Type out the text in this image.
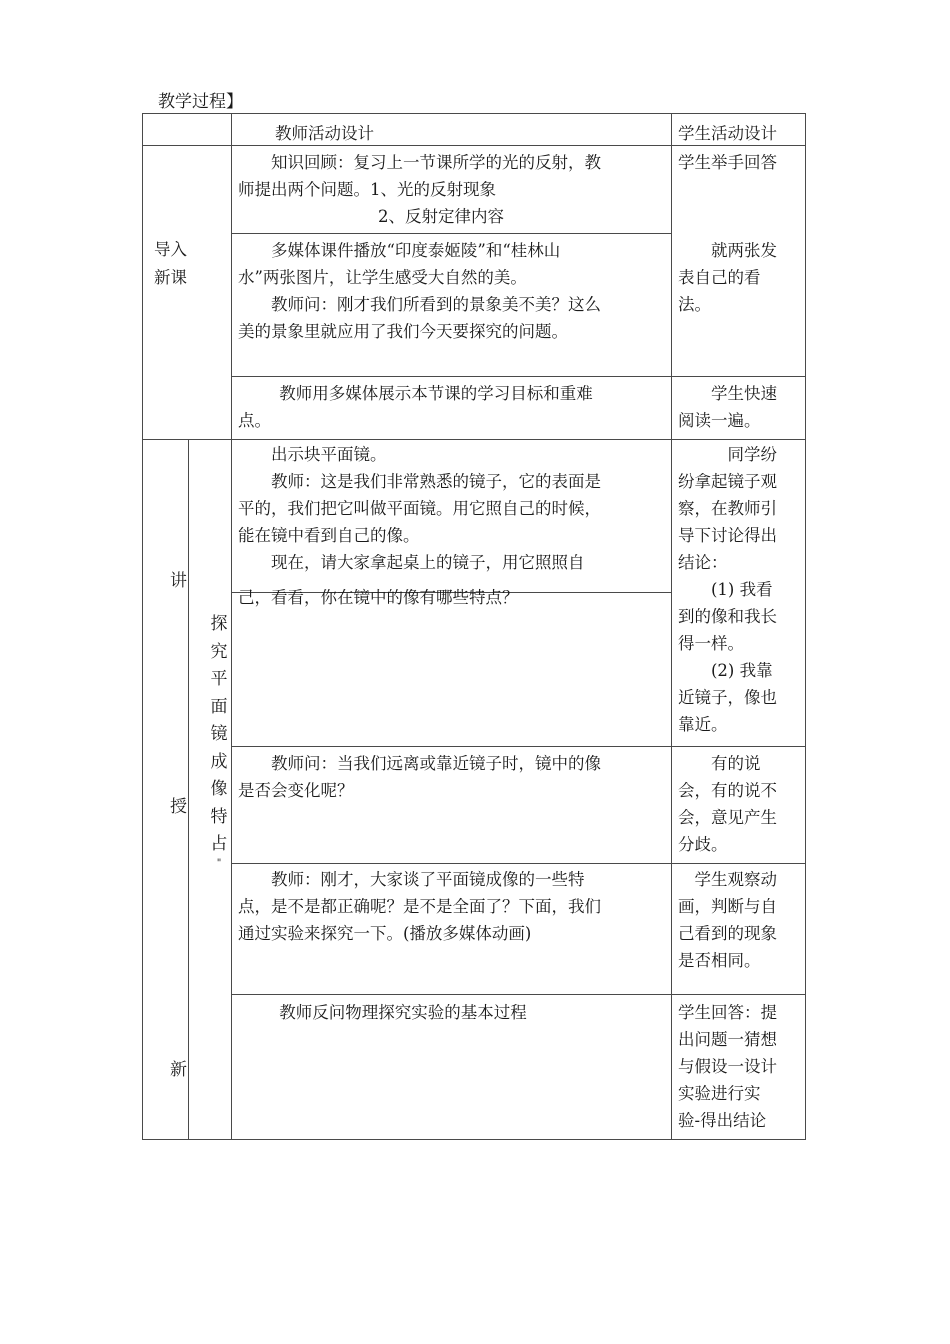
教学过程】
教师活动设计	学生活动设计

导入

新课

知识回顾：复习上一节课所学的光的反射，教

师提出两个问题。1、光的反射现象

2、反射定律内容

学生举手回答

多媒体课件播放“印度泰姬陵”和“桂林山

水”两张图片，让学生感受大自然的美。

教师问：刚才我们所看到的景象美不美？这么

美的景象里就应用了我们今天要探究的问题。

就两张发

表自己的看

法。

教师用多媒体展示本节课的学习目标和重难

点。

学生快速

阅读一遍。

讲
授
新
探
究
平
面
镜
成
像
特
占
"

出示块平面镜。

教师：这是我们非常熟悉的镜子，它的表面是

平的，我们把它叫做平面镜。用它照自己的时候，

能在镜中看到自己的像。

现在，请大家拿起桌上的镜子，用它照照自

己，看看，你在镜中的像有哪些特点？

同学纷

纷拿起镜子观

察，在教师引

导下讨论得出

结论：

(1) 我看

到的像和我长

得一样。

(2) 我靠

近镜子，像也

靠近。

教师问：当我们远离或靠近镜子时，镜中的像

是否会变化呢？

有的说

会，有的说不

会，意见产生

分歧。

教师：刚才，大家谈了平面镜成像的一些特

点，是不是都正确呢？是不是全面了？下面，我们

通过实验来探究一下。(播放多媒体动画)

学生观察动

画，判断与自

己看到的现象

是否相同。

教师反问物理探究实验的基本过程	学生回答：提

出问题一猜想

与假设一设计

实验进行实

验-得出结论
